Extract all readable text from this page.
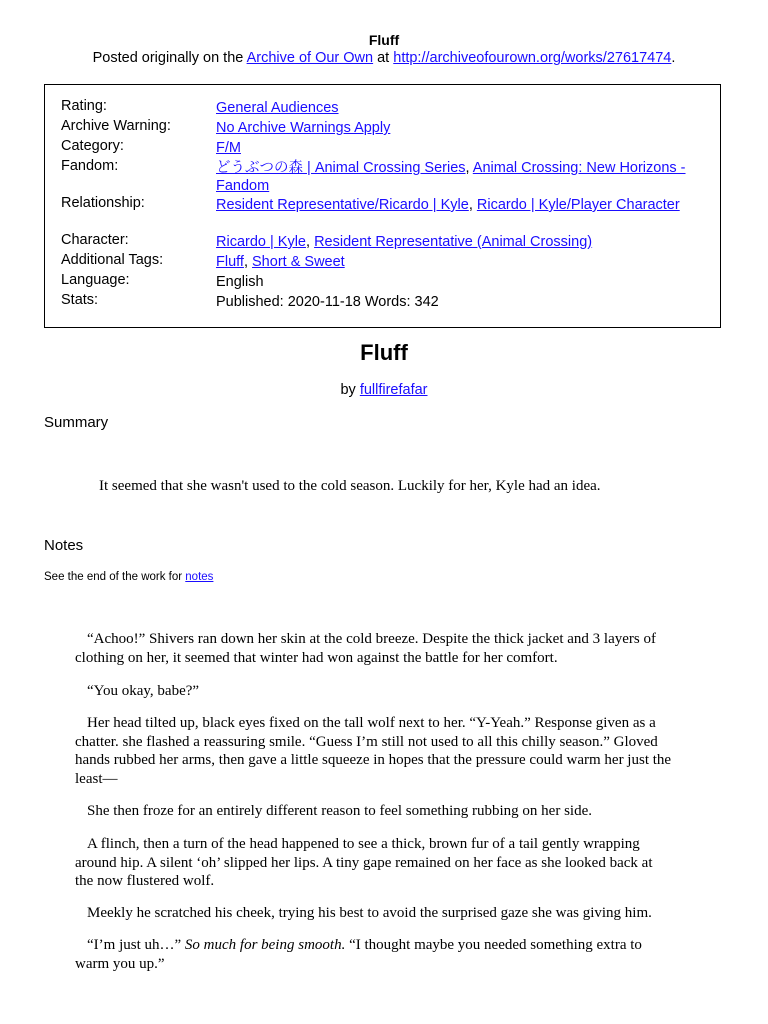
Fluff
Posted originally on the Archive of Our Own at http://archiveofourown.org/works/27617474.
Rating:	General Audiences
Archive Warning:	No Archive Warnings Apply
Category:	F/M
Fandom:	どうぶつの森 | Animal Crossing Series, Animal Crossing: New Horizons - Fandom
Relationship:	Resident Representative/Ricardo | Kyle, Ricardo | Kyle/Player Character
Character:	Ricardo | Kyle, Resident Representative (Animal Crossing)
Additional Tags:	Fluff, Short & Sweet
Language:	English
Stats:	Published: 2020-11-18 Words: 342
Fluff
by fullfirefafar
Summary
It seemed that she wasn't used to the cold season. Luckily for her, Kyle had an idea.
Notes
See the end of the work for notes
“Achoo!” Shivers ran down her skin at the cold breeze. Despite the thick jacket and 3 layers of
clothing on her, it seemed that winter had won against the battle for her comfort.
“You okay, babe?”
Her head tilted up, black eyes fixed on the tall wolf next to her. “Y-Yeah.” Response given as a
chatter. she flashed a reassuring smile. “Guess I’m still not used to all this chilly season.” Gloved
hands rubbed her arms, then gave a little squeeze in hopes that the pressure could warm her just the
least—
She then froze for an entirely different reason to feel something rubbing on her side.
A flinch, then a turn of the head happened to see a thick, brown fur of a tail gently wrapping
around hip. A silent ‘oh’ slipped her lips. A tiny gape remained on her face as she looked back at
the now flustered wolf.
Meekly he scratched his cheek, trying his best to avoid the surprised gaze she was giving him.
“I’m just uh…” So much for being smooth. “I thought maybe you needed something extra to
warm you up.”
